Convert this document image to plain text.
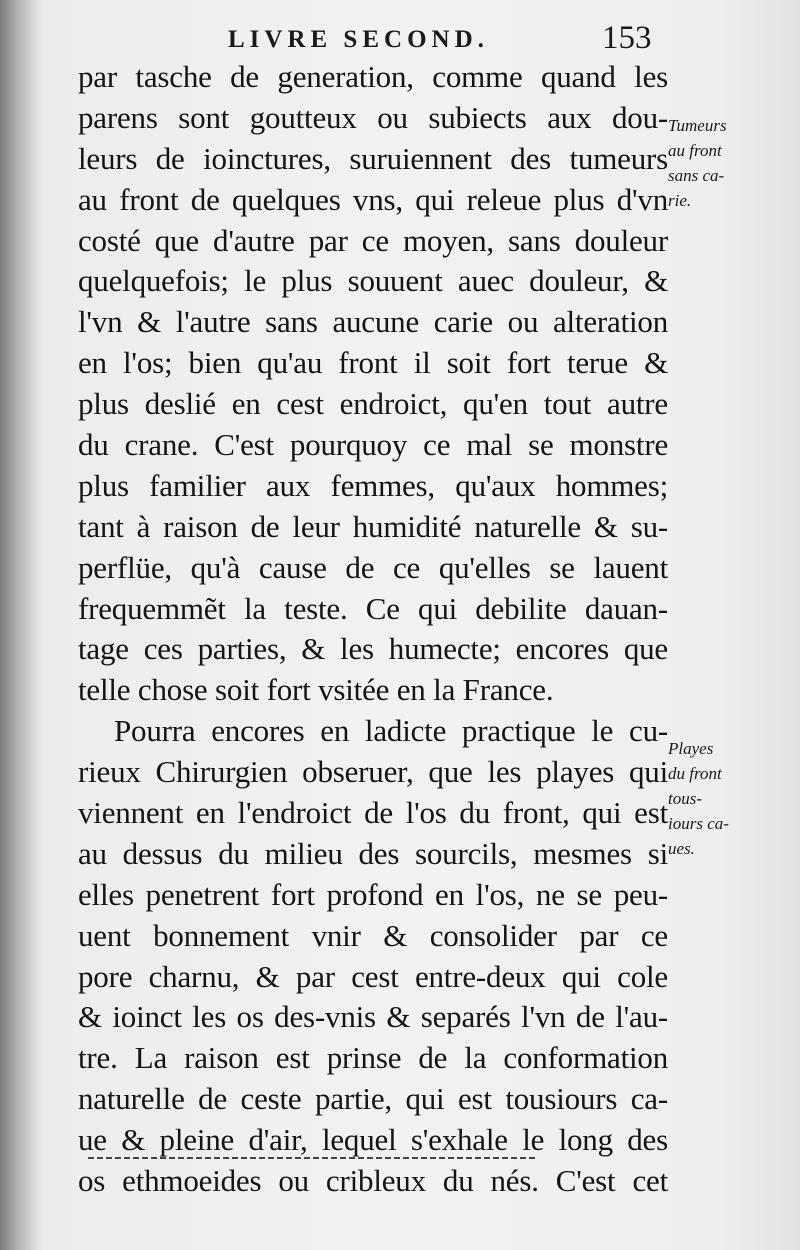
LIVRE SECOND.	153
par tasche de generation, comme quand les
parens sont goutteux ou subiects aux dou-
leurs de ioinctures, suruiennent des tumeurs
au front de quelques vns, qui releue plus d'vn
costé que d'autre par ce moyen, sans douleur
quelquefois; le plus souuent auec douleur, &
l'vn & l'autre sans aucune carie ou alteration
en l'os; bien qu'au front il soit fort terue &
plus deslié en cest endroict, qu'en tout autre
du crane. C'est pourquoy ce mal se monstre
plus familier aux femmes, qu'aux hommes;
tant à raison de leur humidité naturelle & su-
perflüe, qu'à cause de ce qu'elles se lauent
frequemmẽt la teste. Ce qui debilite dauan-
tage ces parties, & les humecte; encores que
telle chose soit fort vsitée en la France.
Pourra encores en ladicte practique le cu-
rieux Chirurgien obseruer, que les playes qui
viennent en l'endroict de l'os du front, qui est
au dessus du milieu des sourcils, mesmes si
elles penetrent fort profond en l'os, ne se peu-
uent bonnement vnir & consolider par ce
pore charnu, & par cest entre-deux qui cole
& ioinct les os des-vnis & separés l'vn de l'au-
tre. La raison est prinse de la conformation
naturelle de ceste partie, qui est tousiours ca-
ue & pleine d'air, lequel s'exhale le long des
os ethmoeides ou cribleux du nés. C'est cet
Tumeurs
au front
sans ca-
rie.
Playes
du front
tous-
iours ca-
ues.
